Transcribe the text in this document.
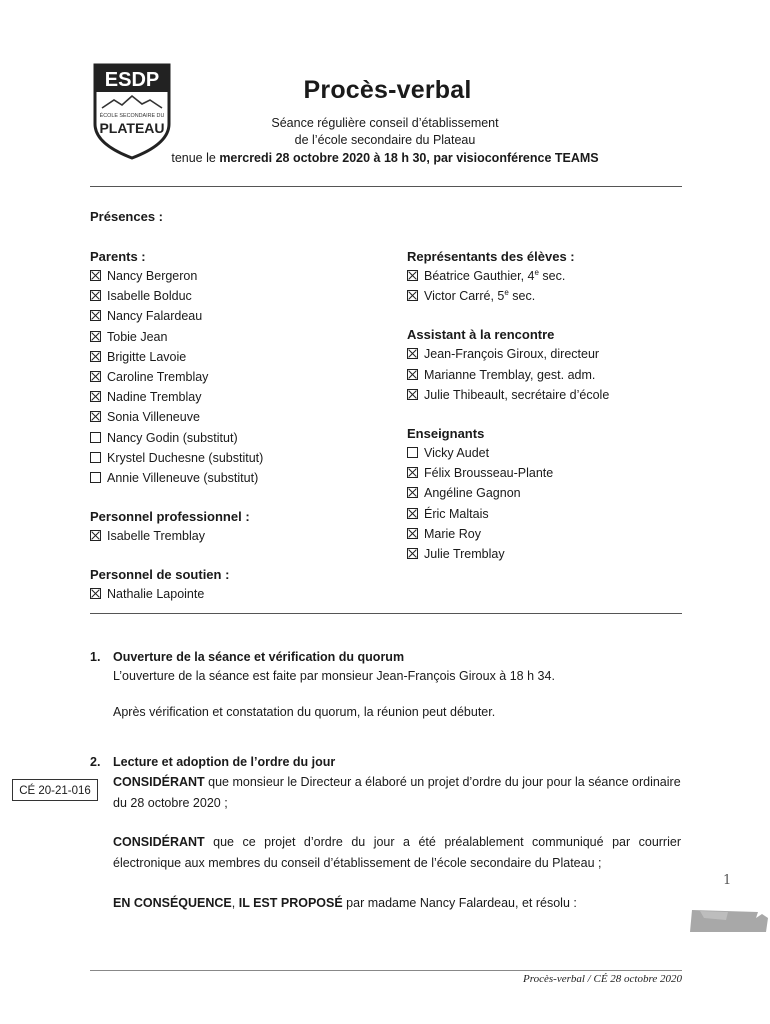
ESDP
ÉCOLE SECONDAIRE DU
PLATEAU
Procès-verbal
Séance régulière conseil d’établissement
de l’école secondaire du Plateau
tenue le mercredi 28 octobre 2020 à 18 h 30, par visioconférence TEAMS
Présences :
Parents :
Nancy Bergeron
Isabelle Bolduc
Nancy Falardeau
Tobie Jean
Brigitte Lavoie
Caroline Tremblay
Nadine Tremblay
Sonia Villeneuve
Nancy Godin (substitut)
Krystel Duchesne (substitut)
Annie Villeneuve (substitut)
Personnel professionnel :
Isabelle Tremblay
Personnel de soutien :
Nathalie Lapointe
Représentants des élèves :
Béatrice Gauthier, 4e sec.
Victor Carré, 5e sec.
Assistant à la rencontre
Jean-François Giroux, directeur
Marianne Tremblay, gest. adm.
Julie Thibeault, secrétaire d’école
Enseignants
Vicky Audet
Félix Brousseau-Plante
Angéline Gagnon
Éric Maltais
Marie Roy
Julie Tremblay
1. Ouverture de la séance et vérification du quorum
L’ouverture de la séance est faite par monsieur Jean-François Giroux à 18 h 34.
Après vérification et constatation du quorum, la réunion peut débuter.
2. Lecture et adoption de l’ordre du jour
CÉ 20-21-016
CONSIDÉRANT que monsieur le Directeur a élaboré un projet d’ordre du jour pour la séance ordinaire du 28 octobre 2020 ;
CONSIDÉRANT que ce projet d’ordre du jour a été préalablement communiqué par courrier électronique aux membres du conseil d’établissement de l’école secondaire du Plateau ;
EN CONSÉQUENCE, IL EST PROPOSÉ par madame Nancy Falardeau, et résolu :
1
Procès-verbal / CÉ 28 octobre 2020
